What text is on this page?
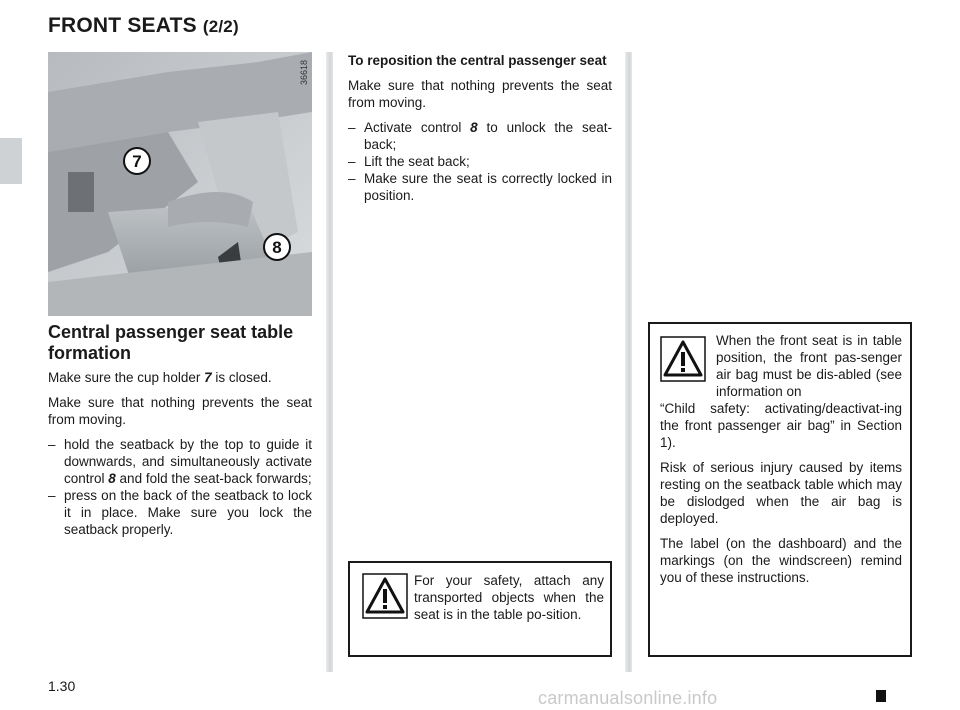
FRONT SEATS (2/2)
7
8
36618
Central passenger seat table formation

Make sure the cup holder 7 is closed.

Make sure that nothing prevents the seat from moving.

– hold the seatback by the top to guide it downwards, and simultaneously activate control 8 and fold the seat-back forwards;
– press on the back of the seatback to lock it in place. Make sure you lock the seatback properly.
To reposition the central passenger seat

Make sure that nothing prevents the seat from moving.

– Activate control 8 to unlock the seat-back;
– Lift the seat back;
– Make sure the seat is correctly locked in position.
For your safety, attach any transported objects when the seat is in the table po-sition.

When the front seat is in table position, the front pas-senger air bag must be dis-abled (see information on
“Child safety: activating/deactivat-ing the front passenger air bag” in Section 1).

Risk of serious injury caused by items resting on the seatback table which may be dislodged when the air bag is deployed.

The label (on the dashboard) and the markings (on the windscreen) remind you of these instructions.

1.30
carmanualsonline.info
